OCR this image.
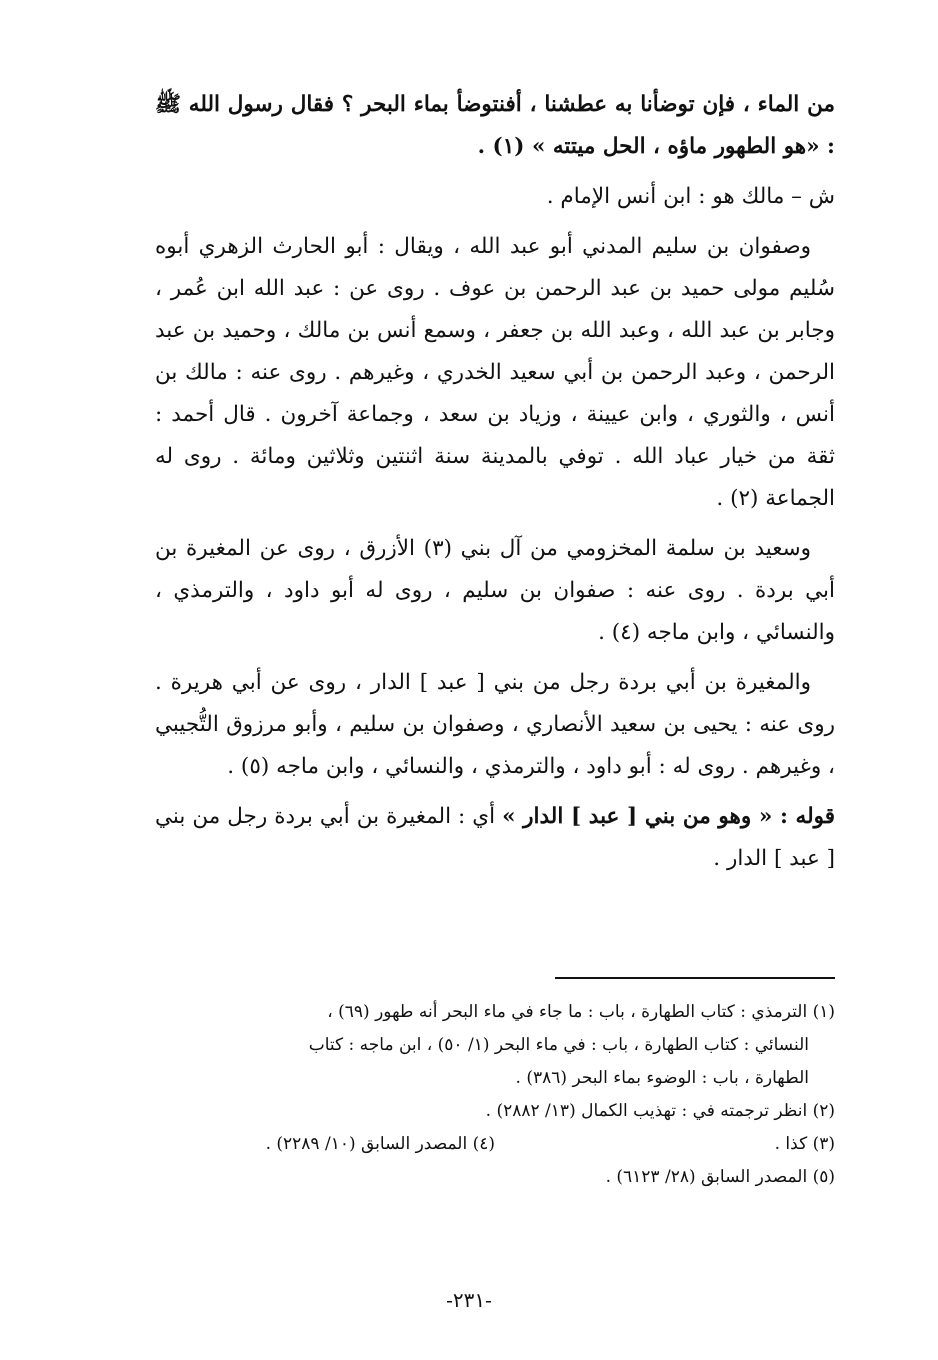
من الماء ، فإن توضأنا به عطشنا ، أفنتوضأ بماء البحر ؟ فقال رسول الله ﷺ : «هو الطهور ماؤه ، الحل ميتته » (١) .

ش – مالك هو : ابن أنس الإمام .

وصفوان بن سليم المدني أبو عبد الله ، ويقال : أبو الحارث الزهري أبوه سُليم مولى حميد بن عبد الرحمن بن عوف . روى عن : عبد الله ابن عُمر ، وجابر بن عبد الله ، وعبد الله بن جعفر ، وسمع أنس بن مالك ، وحميد بن عبد الرحمن ، وعبد الرحمن بن أبي سعيد الخدري ، وغيرهم . روى عنه : مالك بن أنس ، والثوري ، وابن عيينة ، وزياد بن سعد ، وجماعة آخرون . قال أحمد : ثقة من خيار عباد الله . توفي بالمدينة سنة اثنتين وثلاثين ومائة . روى له الجماعة (٢) .

وسعيد بن سلمة المخزومي من آل بني (٣) الأزرق ، روى عن المغيرة بن أبي بردة . روى عنه : صفوان بن سليم ، روى له أبو داود ، والترمذي ، والنسائي ، وابن ماجه (٤) .

والمغيرة بن أبي بردة رجل من بني [ عبد ] الدار ، روى عن أبي هريرة . روى عنه : يحيى بن سعيد الأنصاري ، وصفوان بن سليم ، وأبو مرزوق التُّجيبي ، وغيرهم . روى له : أبو داود ، والترمذي ، والنسائي ، وابن ماجه (٥) .

قوله : « وهو من بني [ عبد ] الدار » أي : المغيرة بن أبي بردة رجل من بني [ عبد ] الدار .

(١) الترمذي : كتاب الطهارة ، باب : ما جاء في ماء البحر أنه طهور (٦٩) ،

النسائي : كتاب الطهارة ، باب : في ماء البحر (١/ ٥٠) ، ابن ماجه : كتاب

الطهارة ، باب : الوضوء بماء البحر (٣٨٦) .

(٢) انظر ترجمته في : تهذيب الكمال (١٣/ ٢٨٨٢) .

(٣) كذا .

(٤) المصدر السابق (١٠/ ٢٢٨٩) .

(٥) المصدر السابق (٢٨/ ٦١٢٣) .

-٢٣١-
